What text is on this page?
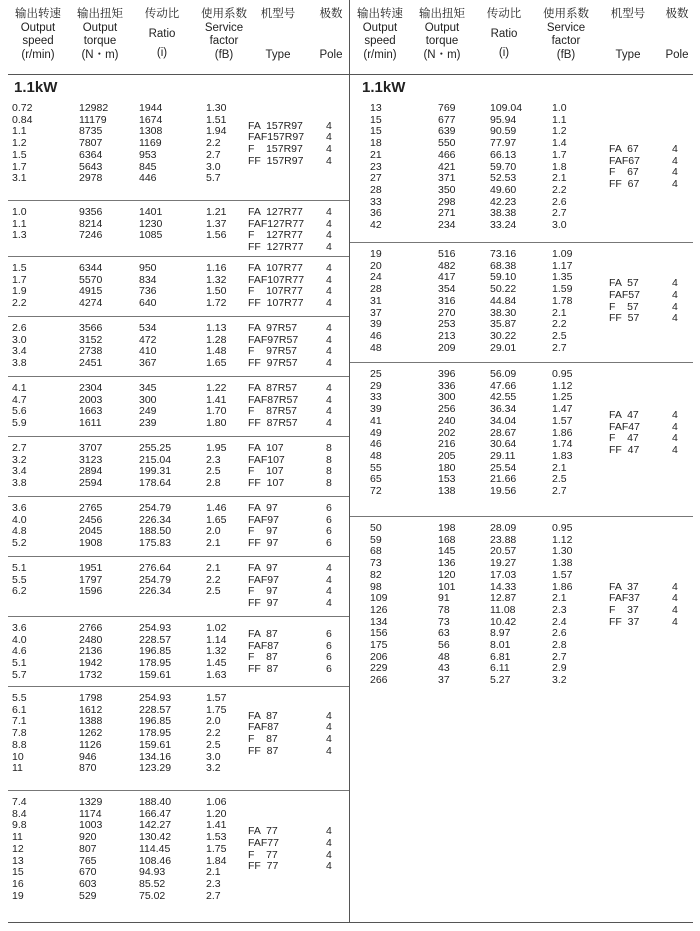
输出转速
Output
speed
(r/min)
输出扭矩
Output
torque
(N・m)
传动比
Ratio
(i)
使用系数
Service
factor
(fB)
机型号
Type
极数
Pole
1.1kW
0.72
0.84
1.1
1.2
1.5
1.7
3.1
12982
11179
8735
7807
6364
5643
2978
1944
1674
1308
1169
953
845
446
1.30
1.51
1.94
2.2
2.7
3.0
5.7
FA  157R97
FAF157R97
F    157R97
FF  157R97
4
4
4
4
1.0
1.1
1.3
9356
8214
7246
1401
1230
1085
1.21
1.37
1.56
FA  127R77
FAF127R77
F    127R77
FF  127R77
4
4
4
4
1.5
1.7
1.9
2.2
6344
5570
4915
4274
950
834
736
640
1.16
1.32
1.50
1.72
FA  107R77
FAF107R77
F    107R77
FF  107R77
4
4
4
4
2.6
3.0
3.4
3.8
3566
3152
2738
2451
534
472
410
367
1.13
1.28
1.48
1.65
FA  97R57
FAF97R57
F    97R57
FF  97R57
4
4
4
4
4.1
4.7
5.6
5.9
2304
2003
1663
1611
345
300
249
239
1.22
1.41
1.70
1.80
FA  87R57
FAF87R57
F    87R57
FF  87R57
4
4
4
4
2.7
3.2
3.4
3.8
3707
3123
2894
2594
255.25
215.04
199.31
178.64
1.95
2.3
2.5
2.8
FA  107
FAF107
F    107
FF  107
8
8
8
8
3.6
4.0
4.8
5.2
2765
2456
2045
1908
254.79
226.34
188.50
175.83
1.46
1.65
2.0
2.1
FA  97
FAF97
F    97
FF  97
6
6
6
6
5.1
5.5
6.2
1951
1797
1596
276.64
254.79
226.34
2.1
2.2
2.5
FA  97
FAF97
F    97
FF  97
4
4
4
4
3.6
4.0
4.6
5.1
5.7
2766
2480
2136
1942
1732
254.93
228.57
196.85
178.95
159.61
1.02
1.14
1.32
1.45
1.63
FA  87
FAF87
F    87
FF  87
6
6
6
6
5.5
6.1
7.1
7.8
8.8
10
11
1798
1612
1388
1262
1126
946
870
254.93
228.57
196.85
178.95
159.61
134.16
123.29
1.57
1.75
2.0
2.2
2.5
3.0
3.2
FA  87
FAF87
F    87
FF  87
4
4
4
4
7.4
8.4
9.8
11
12
13
15
16
19
1329
1174
1003
920
807
765
670
603
529
188.40
166.47
142.27
130.42
114.45
108.46
94.93
85.52
75.02
1.06
1.20
1.41
1.53
1.75
1.84
2.1
2.3
2.7
FA  77
FAF77
F    77
FF  77
4
4
4
4
输出转速
Output
speed
(r/min)
输出扭矩
Output
torque
(N・m)
传动比
Ratio
(i)
使用系数
Service
factor
(fB)
机型号
Type
极数
Pole
1.1kW
13
15
15
18
21
23
27
28
33
36
42
769
677
639
550
466
421
371
350
298
271
234
109.04
95.94
90.59
77.97
66.13
59.70
52.53
49.60
42.23
38.38
33.24
1.0
1.1
1.2
1.4
1.7
1.8
2.1
2.2
2.6
2.7
3.0
FA  67
FAF67
F    67
FF  67
4
4
4
4
19
20
24
28
31
37
39
46
48
516
482
417
354
316
270
253
213
209
73.16
68.38
59.10
50.22
44.84
38.30
35.87
30.22
29.01
1.09
1.17
1.35
1.59
1.78
2.1
2.2
2.5
2.7
FA  57
FAF57
F    57
FF  57
4
4
4
4
25
29
33
39
41
49
46
48
55
65
72
396
336
300
256
240
202
216
205
180
153
138
56.09
47.66
42.55
36.34
34.04
28.67
30.64
29.11
25.54
21.66
19.56
0.95
1.12
1.25
1.47
1.57
1.86
1.74
1.83
2.1
2.5
2.7
FA  47
FAF47
F    47
FF  47
4
4
4
4
50
59
68
73
82
98
109
126
134
156
175
206
229
266
198
168
145
136
120
101
91
78
73
63
56
48
43
37
28.09
23.88
20.57
19.27
17.03
14.33
12.87
11.08
10.42
8.97
8.01
6.81
6.11
5.27
0.95
1.12
1.30
1.38
1.57
1.86
2.1
2.3
2.4
2.6
2.8
2.7
2.9
3.2
FA  37
FAF37
F    37
FF  37
4
4
4
4
